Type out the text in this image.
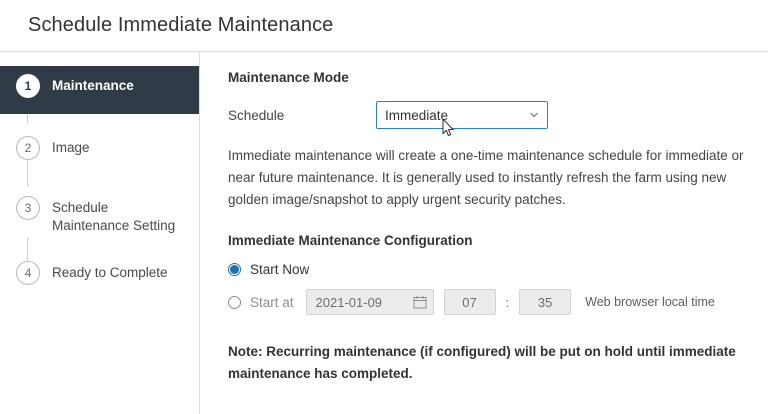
Schedule Immediate Maintenance
1	Maintenance
2	Image
3	Schedule Maintenance Setting
4	Ready to Complete
Maintenance Mode
Schedule
Immediate
Immediate maintenance will create a one-time maintenance schedule for immediate or near future maintenance. It is generally used to instantly refresh the farm using new golden image/snapshot to apply urgent security patches.
Immediate Maintenance Configuration
Start Now
Start at 2021-01-09	07 : 35	Web browser local time
Note: Recurring maintenance (if configured) will be put on hold until immediate maintenance has completed.
